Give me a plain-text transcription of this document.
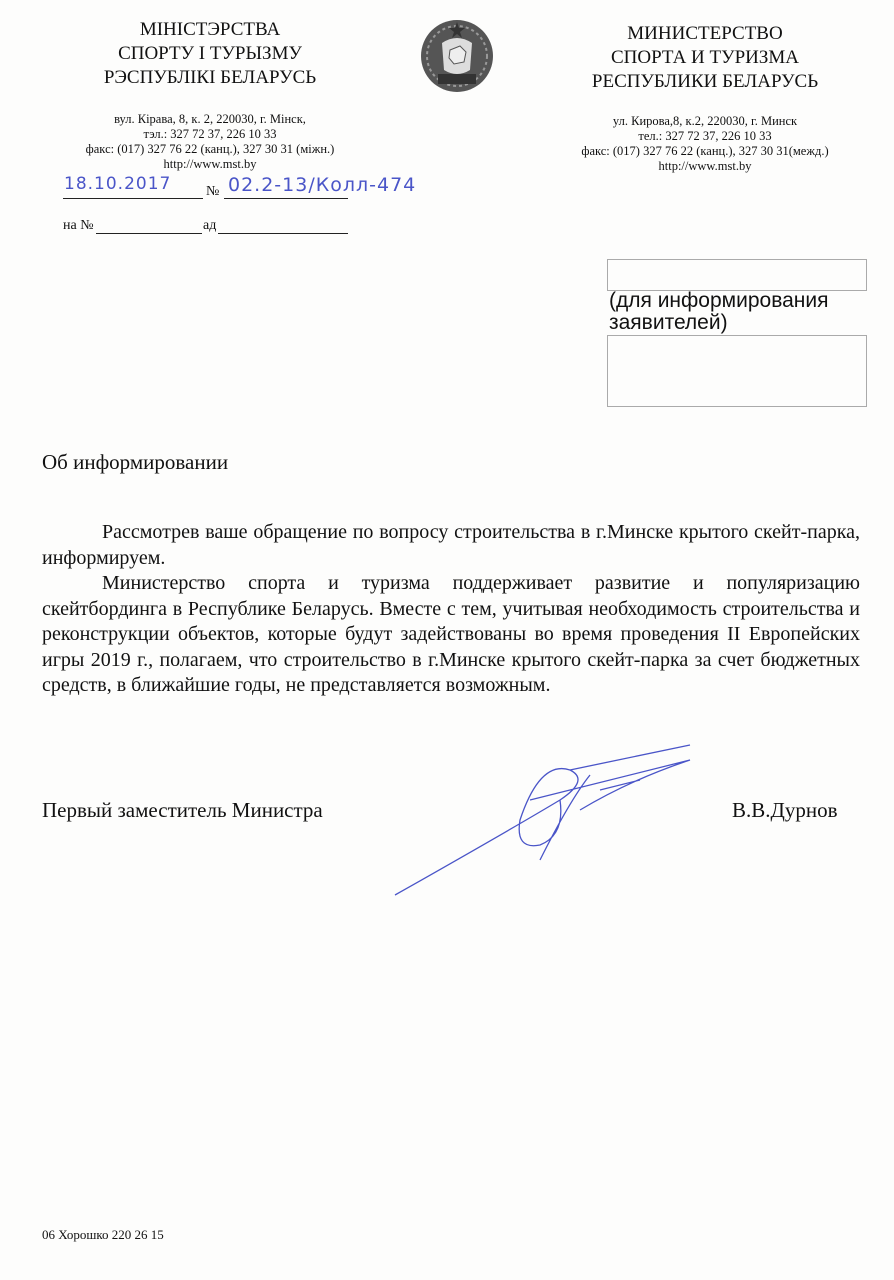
МІНІСТЭРСТВА
СПОРТУ І ТУРЫЗМУ
РЭСПУБЛІКІ БЕЛАРУСЬ
вул. Кірава, 8, к. 2, 220030, г. Мінск,
тэл.: 327 72 37, 226 10 33
факс: (017) 327 76 22 (канц.), 327 30 31 (міжн.)
http://www.mst.by
МИНИСТЕРСТВО
СПОРТА И ТУРИЗМА
РЕСПУБЛИКИ БЕЛАРУСЬ
ул. Кирова,8, к.2, 220030, г. Минск
тел.: 327 72 37, 226 10 33
факс: (017) 327 76 22 (канц.), 327 30 31(межд.)
http://www.mst.by
18.10.2017 № 02.2-13/Колл-474
на №	ад
(для информирования заявителей)
Об информировании

Рассмотрев ваше обращение по вопросу строительства в г.Минске крытого скейт-парка, информируем.

Министерство спорта и туризма поддерживает развитие и популяризацию скейтбординга в Республике Беларусь. Вместе с тем, учитывая необходимость строительства и реконструкции объектов, которые будут задействованы во время проведения II Европейских игры 2019 г., полагаем, что строительство в г.Минске крытого скейт-парка за счет бюджетных средств, в ближайшие годы, не представляется возможным.

Первый заместитель Министра	В.В.Дурнов
06 Хорошко 220 26 15
